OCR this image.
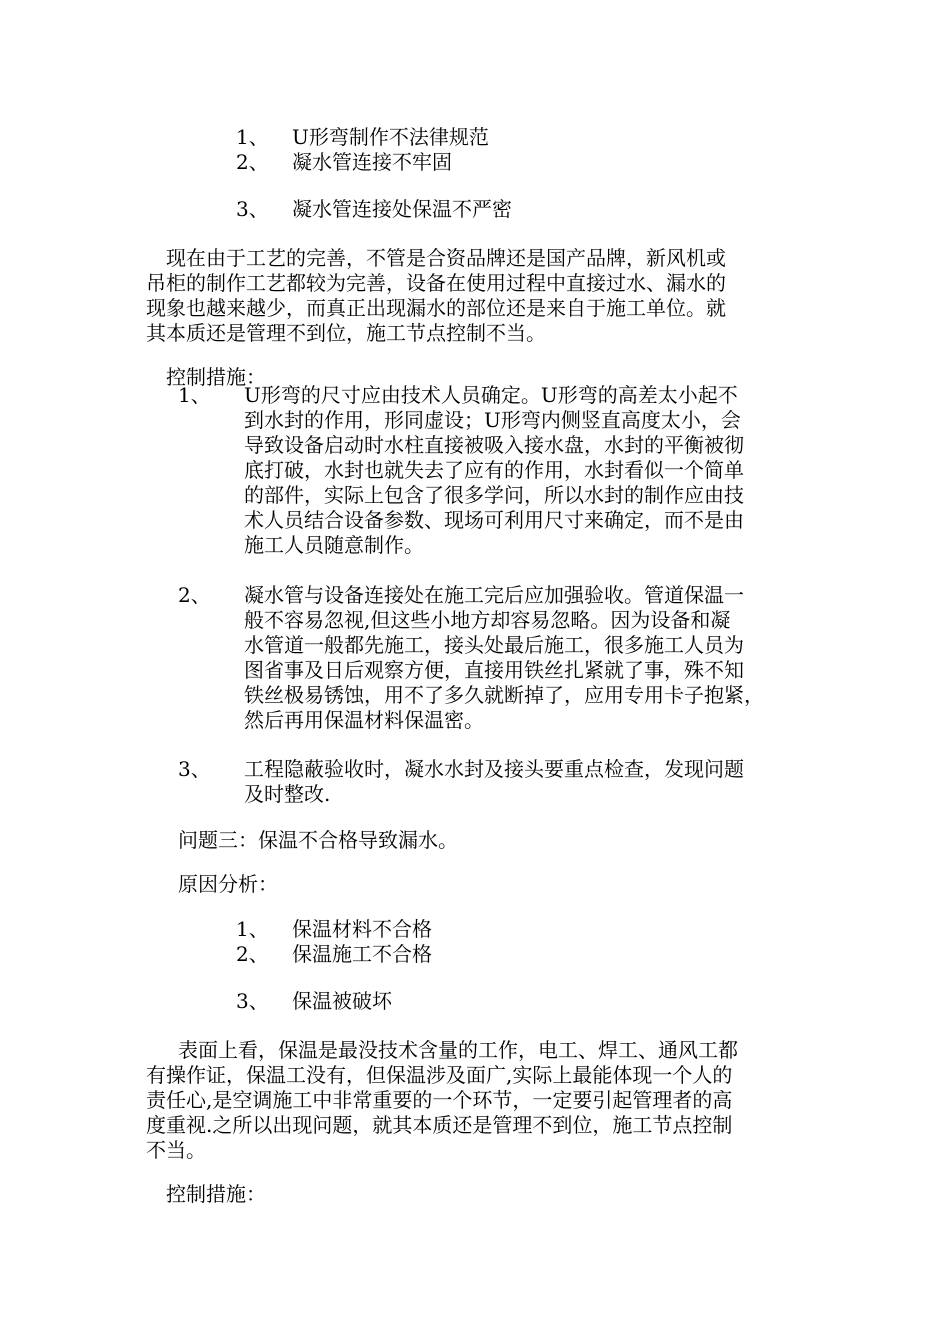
1、 U形弯制作不法律规范
2、 凝水管连接不牢固
3、 凝水管连接处保温不严密
现在由于工艺的完善，不管是合资品牌还是国产品牌，新风机或
吊柜的制作工艺都较为完善，设备在使用过程中直接过水、漏水的
现象也越来越少，而真正出现漏水的部位还是来自于施工单位。就
其本质还是管理不到位，施工节点控制不当。
控制措施：
1、 U形弯的尺寸应由技术人员确定。U形弯的高差太小起不
到水封的作用，形同虚设；U形弯内侧竖直高度太小，会
导致设备启动时水柱直接被吸入接水盘，水封的平衡被彻
底打破，水封也就失去了应有的作用，水封看似一个简单
的部件，实际上包含了很多学问，所以水封的制作应由技
术人员结合设备参数、现场可利用尺寸来确定，而不是由
施工人员随意制作。
2、 凝水管与设备连接处在施工完后应加强验收。管道保温一
般不容易忽视,但这些小地方却容易忽略。因为设备和凝
水管道一般都先施工，接头处最后施工，很多施工人员为
图省事及日后观察方便，直接用铁丝扎紧就了事，殊不知
铁丝极易锈蚀，用不了多久就断掉了，应用专用卡子抱紧，
然后再用保温材料保温密。
3、 工程隐蔽验收时，凝水水封及接头要重点检查，发现问题
及时整改.
问题三：保温不合格导致漏水。
原因分析：
1、 保温材料不合格
2、 保温施工不合格
3、 保温被破坏
表面上看，保温是最没技术含量的工作，电工、焊工、通风工都
有操作证，保温工没有，但保温涉及面广,实际上最能体现一个人的
责任心,是空调施工中非常重要的一个环节，一定要引起管理者的高
度重视.之所以出现问题，就其本质还是管理不到位，施工节点控制
不当。
控制措施：
